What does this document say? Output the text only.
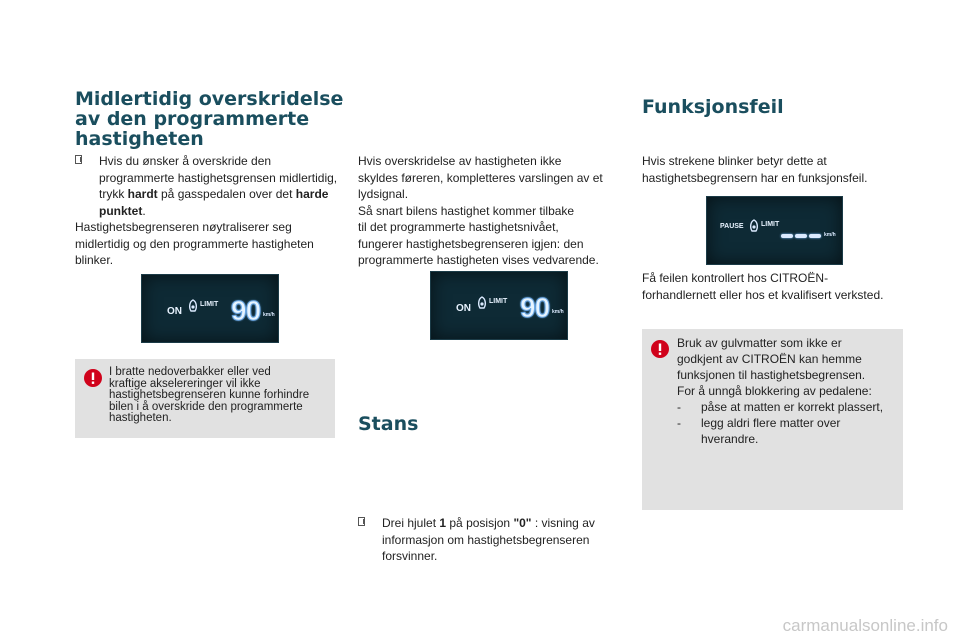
Midlertidig overskridelse
av den programmerte
hastigheten
Hvis du ønsker å overskride den programmerte hastighetsgrensen midlertidig, trykk hardt på gasspedalen over det harde punktet.

Hastighetsbegrenseren nøytraliserer seg midlertidig og den programmerte hastigheten blinker.

ON
LIMIT 90 km/h
I bratte nedoverbakker eller ved
kraftige akselereringer vil ikke
hastighetsbegrenseren kunne forhindre
bilen i å overskride den programmerte
hastigheten.
Hvis overskridelse av hastigheten ikke
skyldes føreren, kompletteres varslingen av et
lydsignal.
Så snart bilens hastighet kommer tilbake
til det programmerte hastighetsnivået,
fungerer hastighetsbegrenseren igjen: den
programmerte hastigheten vises vedvarende.
ON
LIMIT 90 km/h
Stans
Drei hjulet 1 på posisjon "0" : visning av informasjon om hastighetsbegrenseren forsvinner.
Funksjonsfeil
Hvis strekene blinker betyr dette at
hastighetsbegrensern har en funksjonsfeil.
PAUSE LIMIT
km/h
Få feilen kontrollert hos CITROËN-
forhandlernett eller hos et kvalifisert verksted.
Bruk av gulvmatter som ikke er
godkjent av CITROËN kan hemme
funksjonen til hastighetsbegrensen.
For å unngå blokkering av pedalene:
- påse at matten er korrekt plassert,
- legg aldri flere matter over hverandre.
carmanualsonline.info
